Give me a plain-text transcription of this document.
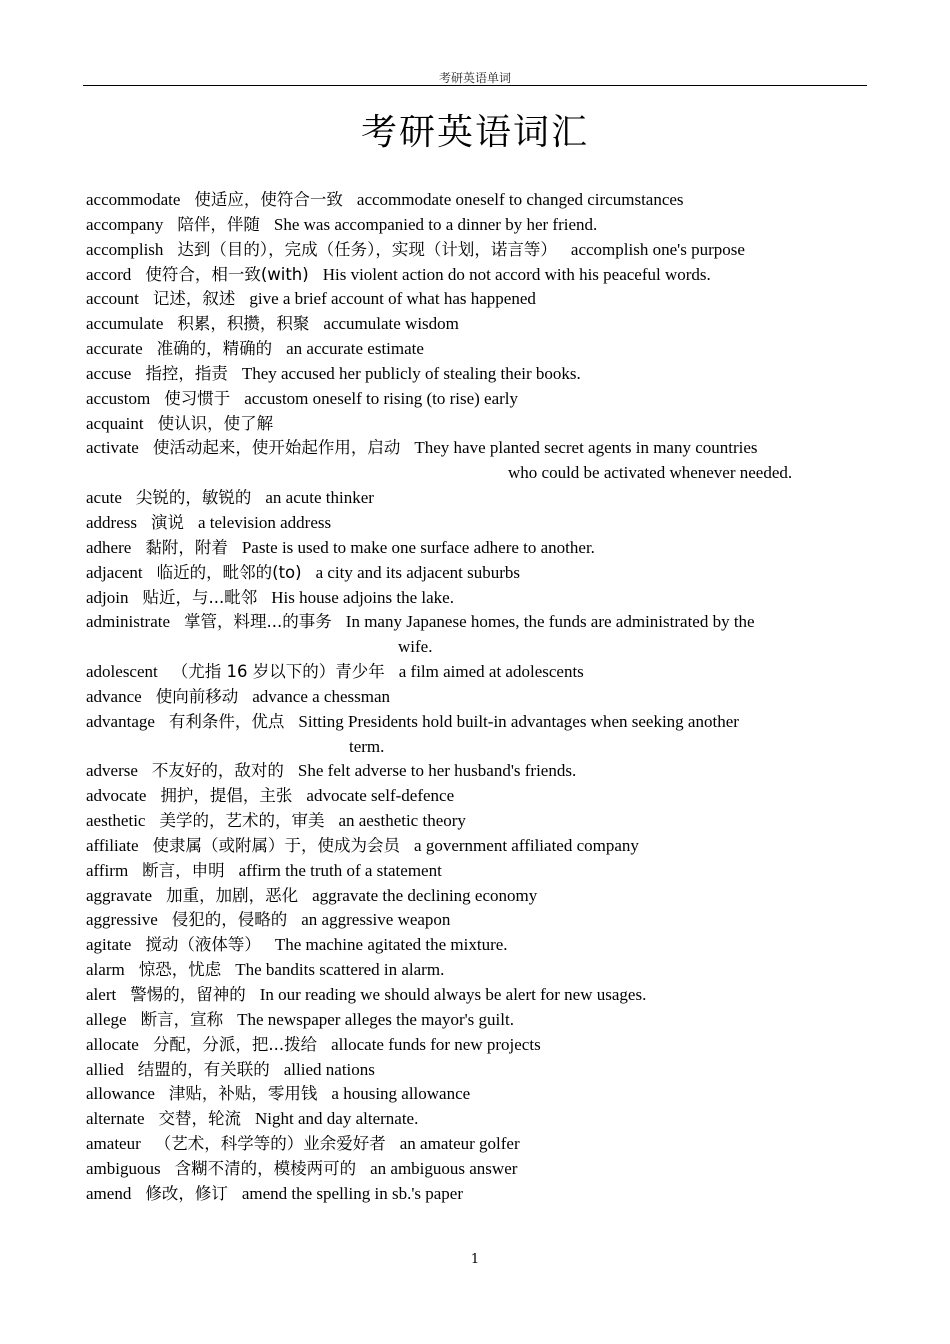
考研英语单词
考研英语词汇
accommodate 使适应，使符合一致 accommodate oneself to changed circumstances
accompany 陪伴，伴随 She was accompanied to a dinner by her friend.
accomplish 达到（目的），完成（任务），实现（计划，诺言等） accomplish one's purpose
accord 使符合，相一致(with) His violent action do not accord with his peaceful words.
account 记述，叙述 give a brief account of what has happened
accumulate 积累，积攒，积聚 accumulate wisdom
accurate 准确的，精确的 an accurate estimate
accuse 指控，指责 They accused her publicly of stealing their books.
accustom 使习惯于 accustom oneself to rising (to rise) early
acquaint 使认识，使了解
activate 使活动起来，使开始起作用，启动 They have planted secret agents in many countries
who could be activated whenever needed.
acute 尖锐的，敏锐的 an acute thinker
address 演说 a television address
adhere 黏附，附着 Paste is used to make one surface adhere to another.
adjacent 临近的，毗邻的(to) a city and its adjacent suburbs
adjoin 贴近，与...毗邻 His house adjoins the lake.
administrate 掌管，料理...的事务 In many Japanese homes, the funds are administrated by the
wife.
adolescent （尤指 16 岁以下的）青少年 a film aimed at adolescents
advance 使向前移动 advance a chessman
advantage 有利条件，优点 Sitting Presidents hold built-in advantages when seeking another
term.
adverse 不友好的，敌对的 She felt adverse to her husband's friends.
advocate 拥护，提倡，主张 advocate self-defence
aesthetic 美学的，艺术的，审美 an aesthetic theory
affiliate 使隶属（或附属）于，使成为会员 a government affiliated company
affirm 断言，申明 affirm the truth of a statement
aggravate 加重，加剧，恶化 aggravate the declining economy
aggressive 侵犯的，侵略的 an aggressive weapon
agitate 搅动（液体等） The machine agitated the mixture.
alarm 惊恐，忧虑 The bandits scattered in alarm.
alert 警惕的，留神的 In our reading we should always be alert for new usages.
allege 断言，宣称 The newspaper alleges the mayor's guilt.
allocate 分配，分派，把...拨给 allocate funds for new projects
allied 结盟的，有关联的 allied nations
allowance 津贴，补贴，零用钱 a housing allowance
alternate 交替，轮流 Night and day alternate.
amateur （艺术，科学等的）业余爱好者 an amateur golfer
ambiguous 含糊不清的，模棱两可的 an ambiguous answer
amend 修改，修订 amend the spelling in sb.'s paper
1
